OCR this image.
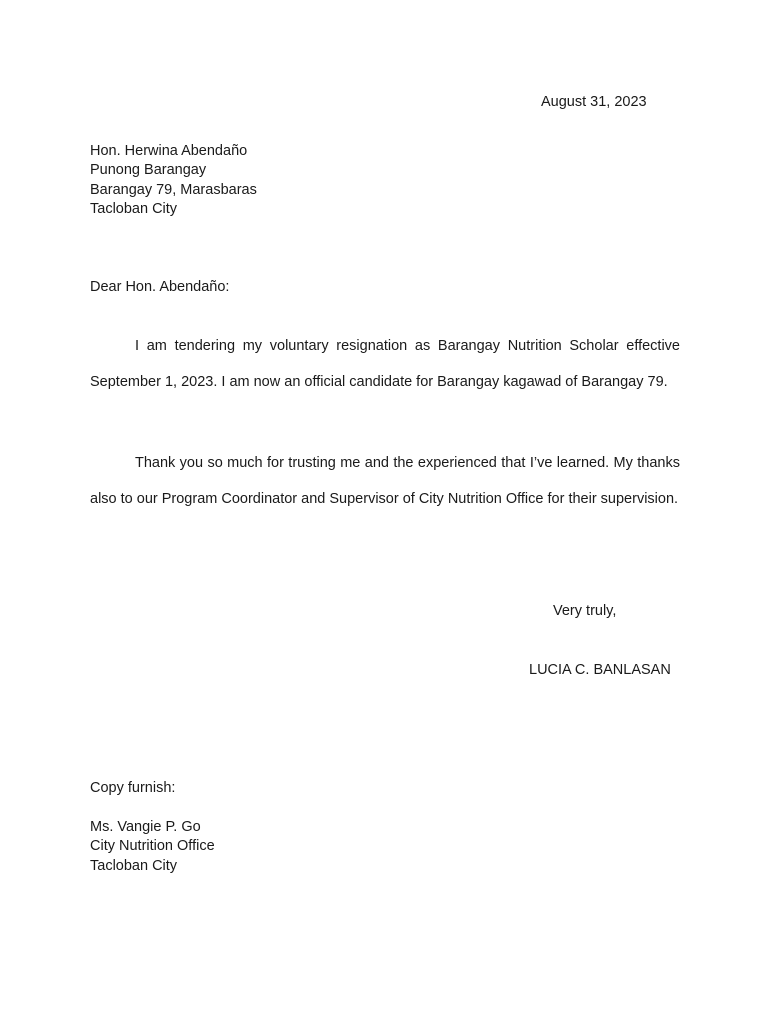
August 31, 2023
Hon. Herwina Abendaño
Punong Barangay
Barangay 79, Marasbaras
Tacloban City
Dear Hon. Abendaño:

I am tendering my voluntary resignation as Barangay Nutrition Scholar effective September 1, 2023. I am now an official candidate for Barangay kagawad of Barangay 79.

Thank you so much for trusting me and the experienced that I’ve learned. My thanks also to our Program Coordinator and Supervisor of City Nutrition Office for their supervision.

Very truly,
LUCIA C. BANLASAN
Copy furnish:
Ms. Vangie P. Go
City Nutrition Office
Tacloban City
